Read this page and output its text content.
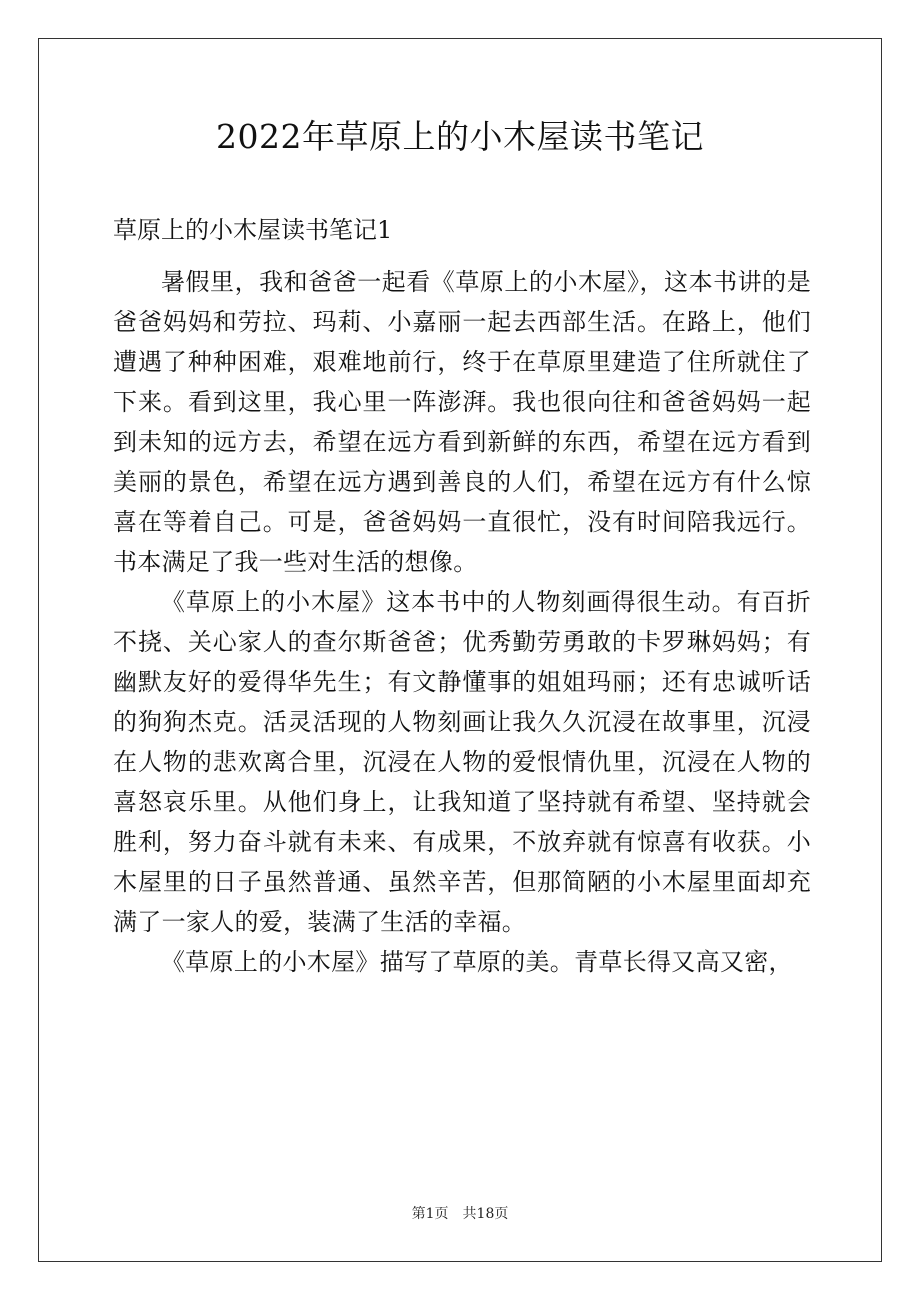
2022年草原上的小木屋读书笔记
草原上的小木屋读书笔记1

暑假里，我和爸爸一起看《草原上的小木屋》，这本书讲的是爸爸妈妈和劳拉、玛莉、小嘉丽一起去西部生活。在路上，他们遭遇了种种困难，艰难地前行，终于在草原里建造了住所就住了下来。看到这里，我心里一阵澎湃。我也很向往和爸爸妈妈一起到未知的远方去，希望在远方看到新鲜的东西，希望在远方看到美丽的景色，希望在远方遇到善良的人们，希望在远方有什么惊喜在等着自己。可是，爸爸妈妈一直很忙，没有时间陪我远行。书本满足了我一些对生活的想像。

《草原上的小木屋》这本书中的人物刻画得很生动。有百折不挠、关心家人的查尔斯爸爸；优秀勤劳勇敢的卡罗琳妈妈；有幽默友好的爱得华先生；有文静懂事的姐姐玛丽；还有忠诚听话的狗狗杰克。活灵活现的人物刻画让我久久沉浸在故事里，沉浸在人物的悲欢离合里，沉浸在人物的爱恨情仇里，沉浸在人物的喜怒哀乐里。从他们身上，让我知道了坚持就有希望、坚持就会胜利，努力奋斗就有未来、有成果，不放弃就有惊喜有收获。小木屋里的日子虽然普通、虽然辛苦，但那简陋的小木屋里面却充满了一家人的爱，装满了生活的幸福。

《草原上的小木屋》描写了草原的美。青草长得又高又密，

第1页 共18页
